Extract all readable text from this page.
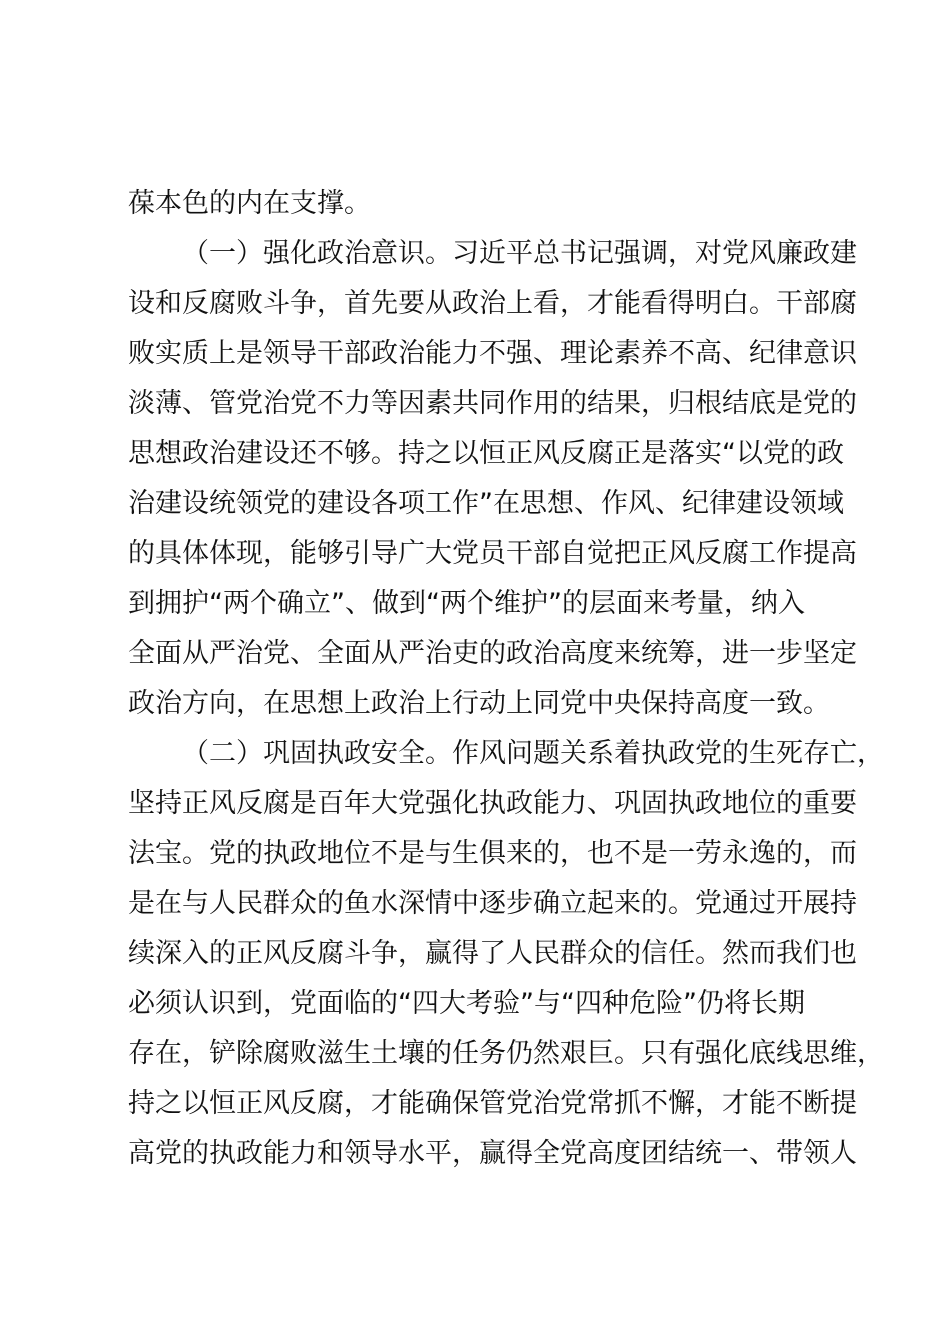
葆本色的内在支撑。

（一）强化政治意识。习近平总书记强调，对党风廉政建

设和反腐败斗争，首先要从政治上看，才能看得明白。干部腐

败实质上是领导干部政治能力不强、理论素养不高、纪律意识

淡薄、管党治党不力等因素共同作用的结果，归根结底是党的

思想政治建设还不够。持之以恒正风反腐正是落实“以党的政

治建设统领党的建设各项工作”在思想、作风、纪律建设领域

的具体体现，能够引导广大党员干部自觉把正风反腐工作提高

到拥护“两个确立”、做到“两个维护”的层面来考量，纳入

全面从严治党、全面从严治吏的政治高度来统筹，进一步坚定

政治方向，在思想上政治上行动上同党中央保持高度一致。

（二）巩固执政安全。作风问题关系着执政党的生死存亡，

坚持正风反腐是百年大党强化执政能力、巩固执政地位的重要

法宝。党的执政地位不是与生俱来的，也不是一劳永逸的，而

是在与人民群众的鱼水深情中逐步确立起来的。党通过开展持

续深入的正风反腐斗争，赢得了人民群众的信任。然而我们也

必须认识到，党面临的“四大考验”与“四种危险”仍将长期

存在，铲除腐败滋生土壤的任务仍然艰巨。只有强化底线思维，

持之以恒正风反腐，才能确保管党治党常抓不懈，才能不断提

高党的执政能力和领导水平，赢得全党高度团结统一、带领人
